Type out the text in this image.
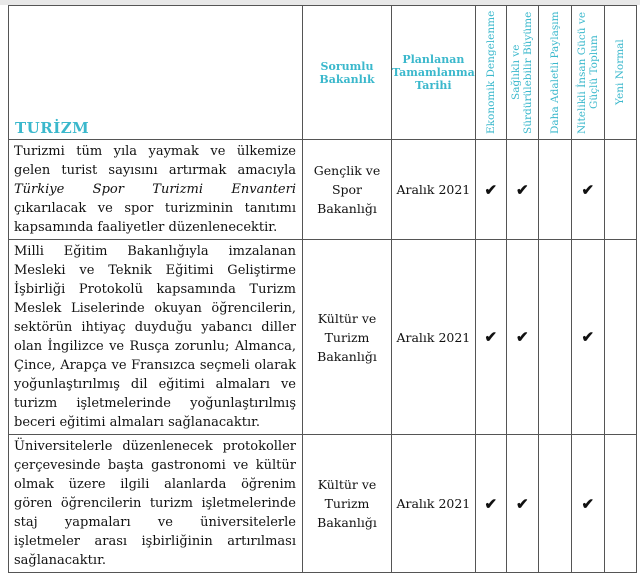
TURİZM	Sorumlu Bakanlık	Planlanan Tamamlanma Tarihi	Ekonomik Dengelenme	Sağlıklı ve Sürdürülebilir Büyüme	Daha Adaletli Paylaşım	Nitelikli İnsan Gücü ve Güçlü Toplum	Yeni Normal

Turizmi tüm yıla yaymak ve ülkemize gelen turist sayısını artırmak amacıyla Türkiye Spor Turizmi Envanteri çıkarılacak ve spor turizminin tanıtımı kapsamında faaliyetler düzenlenecektir.	Gençlik ve Spor Bakanlığı	Aralık 2021	✔	✔		✔	
Milli Eğitim Bakanlığıyla imzalanan Mesleki ve Teknik Eğitimi Geliştirme İşbirliği Protokolü kapsamında Turizm Meslek Liselerinde okuyan öğrencilerin, sektörün ihtiyaç duyduğu yabancı diller olan İngilizce ve Rusça zorunlu; Almanca, Çince, Arapça ve Fransızca seçmeli olarak yoğunlaştırılmış dil eğitimi almaları ve turizm işletmelerinde yoğunlaştırılmış beceri eğitimi almaları sağlanacaktır.	Kültür ve Turizm Bakanlığı	Aralık 2021	✔	✔		✔	
Üniversitelerle düzenlenecek protokoller çerçevesinde başta gastronomi ve kültür olmak üzere ilgili alanlarda öğrenim gören öğrencilerin turizm işletmelerinde staj yapmaları ve üniversitelerle işletmeler arası işbirliğinin artırılması sağlanacaktır.	Kültür ve Turizm Bakanlığı	Aralık 2021	✔	✔		✔	
